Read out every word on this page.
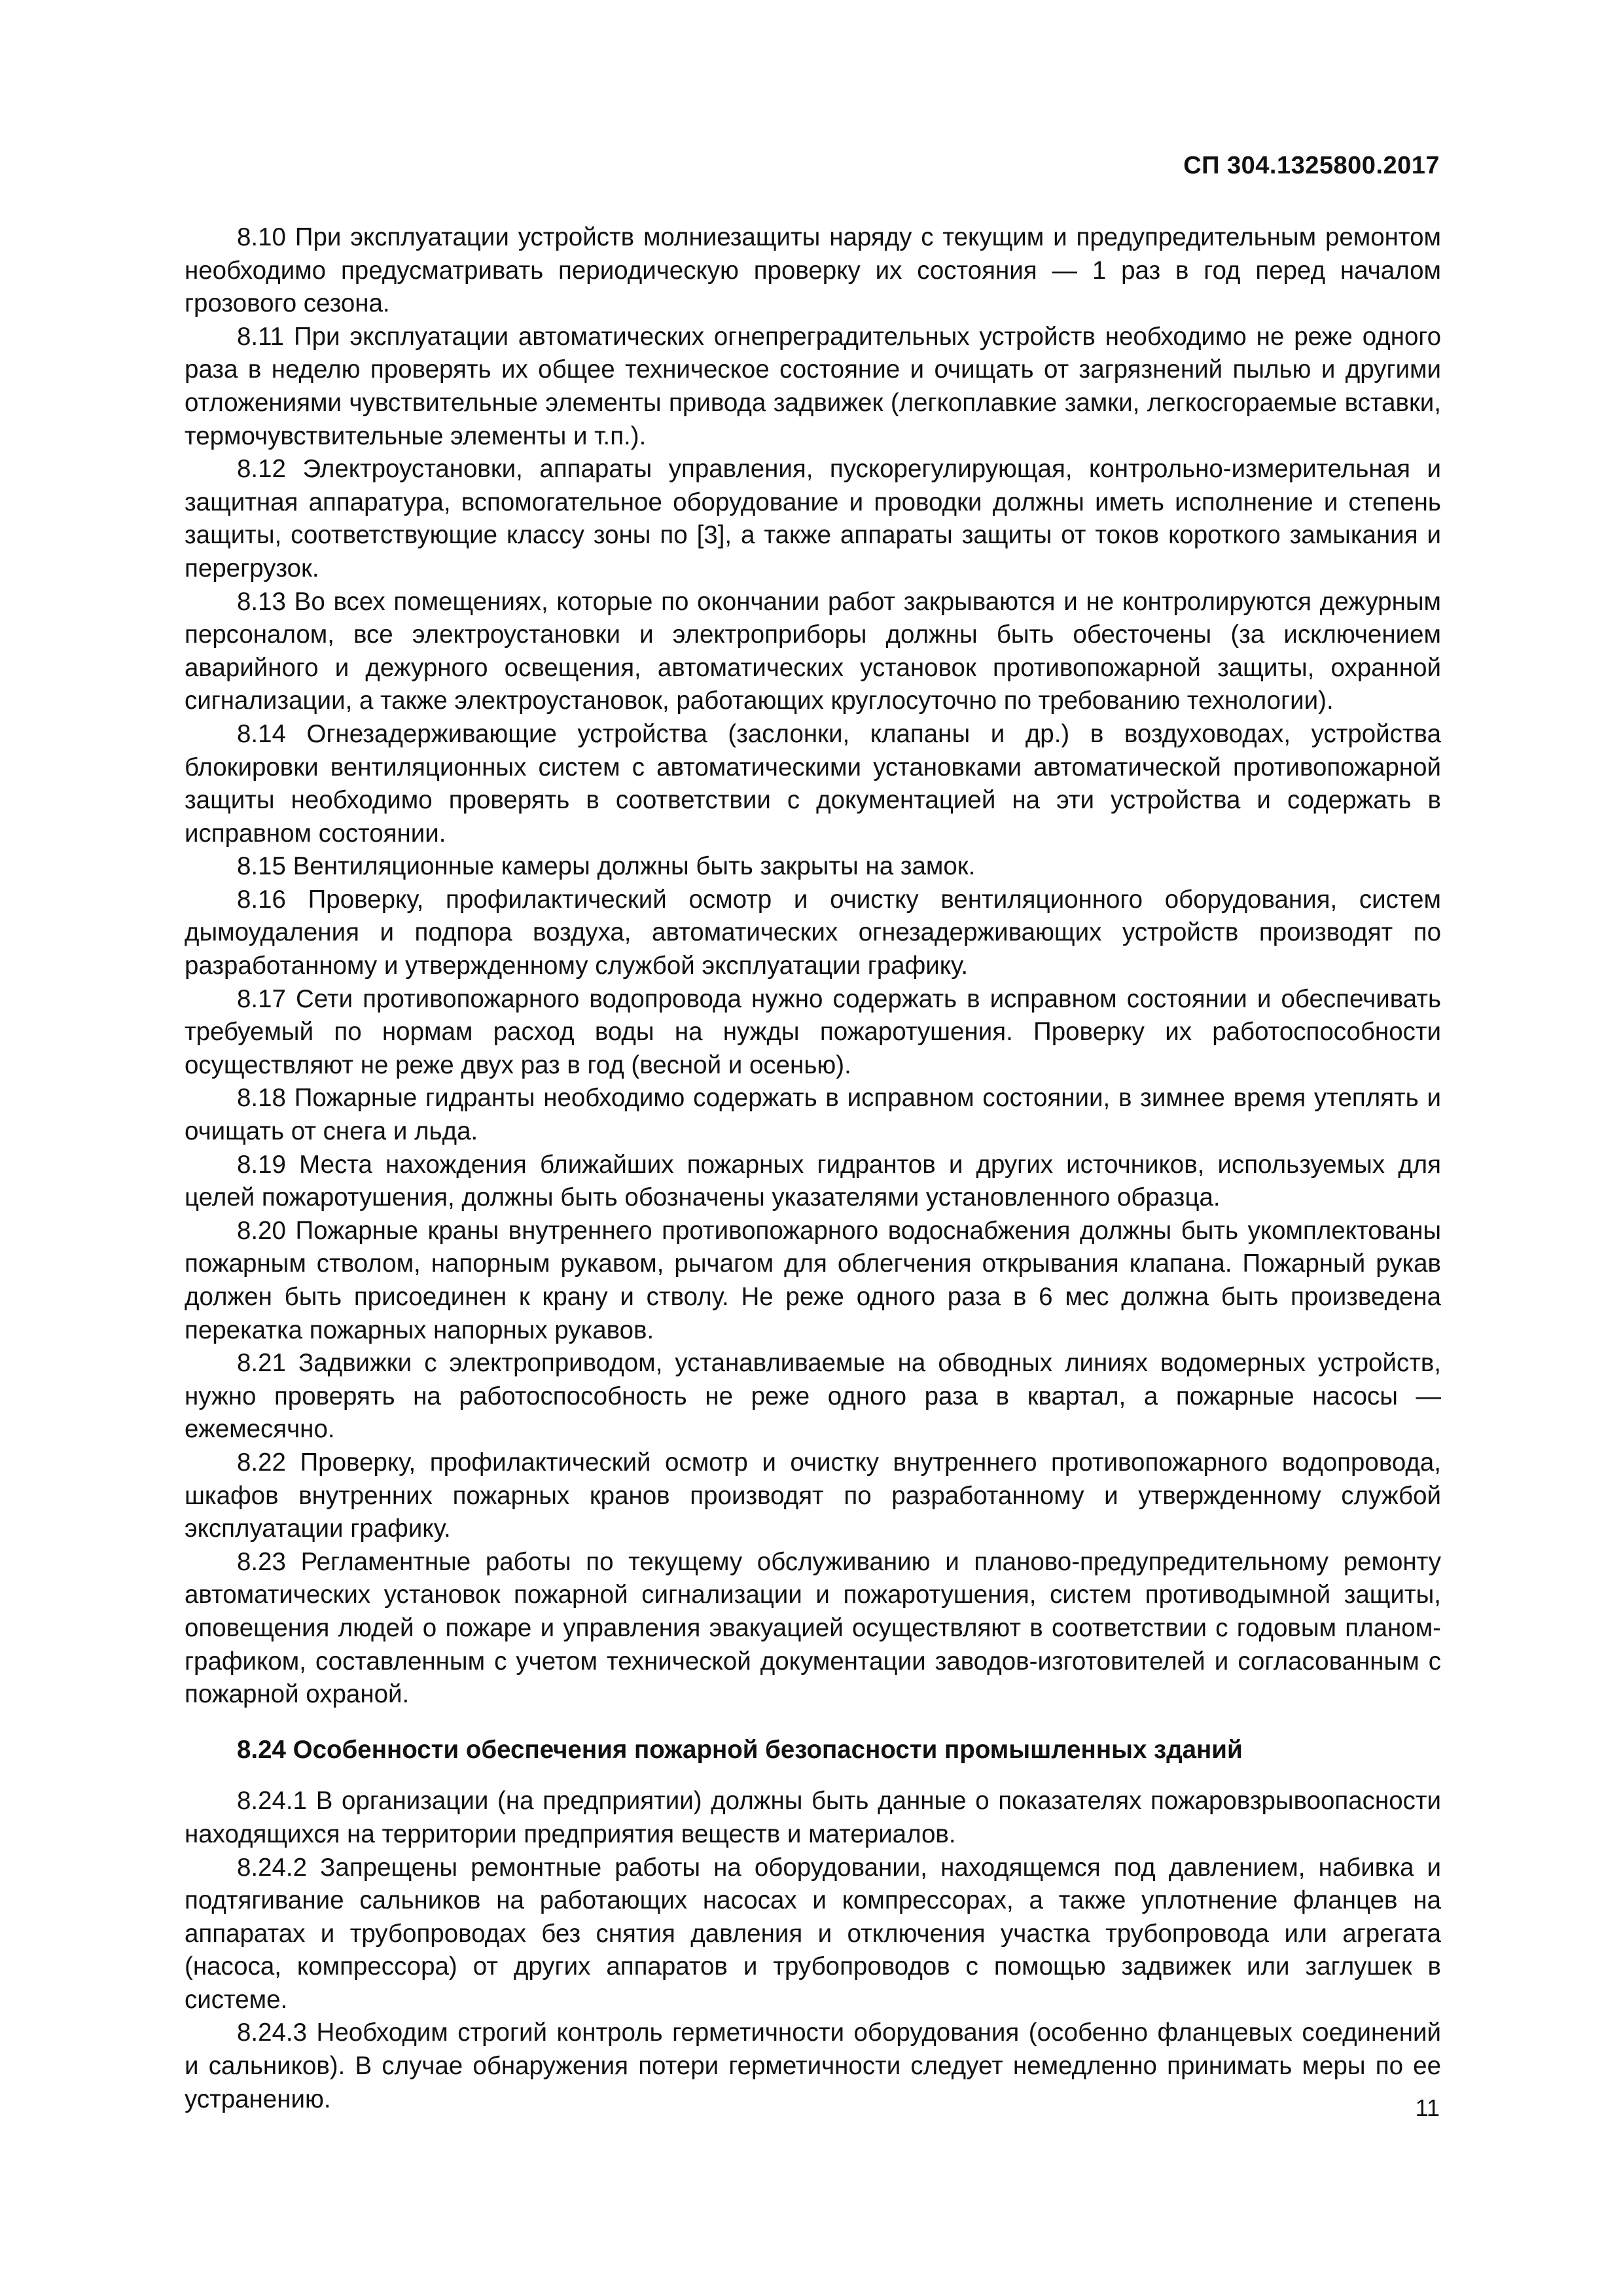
СП 304.1325800.2017

8.10 При эксплуатации устройств молниезащиты наряду с текущим и предупредительным ремонтом необходимо предусматривать периодическую проверку их состояния — 1 раз в год перед началом грозового сезона.

8.11 При эксплуатации автоматических огнепреградительных устройств необходимо не реже одного раза в неделю проверять их общее техническое состояние и очищать от загрязнений пылью и другими отложениями чувствительные элементы привода задвижек (легкоплавкие замки, легкосгораемые вставки, термочувствительные элементы и т.п.).

8.12 Электроустановки, аппараты управления, пускорегулирующая, контрольно-измерительная и защитная аппаратура, вспомогательное оборудование и проводки должны иметь исполнение и степень защиты, соответствующие классу зоны по [3], а также аппараты защиты от токов короткого замыкания и перегрузок.

8.13 Во всех помещениях, которые по окончании работ закрываются и не контролируются дежурным персоналом, все электроустановки и электроприборы должны быть обесточены (за исключением аварийного и дежурного освещения, автоматических установок противопожарной защиты, охранной сигнализации, а также электроустановок, работающих круглосуточно по требованию технологии).

8.14 Огнезадерживающие устройства (заслонки, клапаны и др.) в воздуховодах, устройства блокировки вентиляционных систем с автоматическими установками автоматической противопожарной защиты необходимо проверять в соответствии с документацией на эти устройства и содержать в исправном состоянии.

8.15 Вентиляционные камеры должны быть закрыты на замок.

8.16 Проверку, профилактический осмотр и очистку вентиляционного оборудования, систем дымоудаления и подпора воздуха, автоматических огнезадерживающих устройств производят по разработанному и утвержденному службой эксплуатации графику.

8.17 Сети противопожарного водопровода нужно содержать в исправном состоянии и обеспечивать требуемый по нормам расход воды на нужды пожаротушения. Проверку их работоспособности осуществляют не реже двух раз в год (весной и осенью).

8.18 Пожарные гидранты необходимо содержать в исправном состоянии, в зимнее время утеплять и очищать от снега и льда.

8.19 Места нахождения ближайших пожарных гидрантов и других источников, используемых для целей пожаротушения, должны быть обозначены указателями установленного образца.

8.20 Пожарные краны внутреннего противопожарного водоснабжения должны быть укомплектованы пожарным стволом, напорным рукавом, рычагом для облегчения открывания клапана. Пожарный рукав должен быть присоединен к крану и стволу. Не реже одного раза в 6 мес должна быть произведена перекатка пожарных напорных рукавов.

8.21 Задвижки с электроприводом, устанавливаемые на обводных линиях водомерных устройств, нужно проверять на работоспособность не реже одного раза в квартал, а пожарные насосы — ежемесячно.

8.22 Проверку, профилактический осмотр и очистку внутреннего противопожарного водопровода, шкафов внутренних пожарных кранов производят по разработанному и утвержденному службой эксплуатации графику.

8.23 Регламентные работы по текущему обслуживанию и планово-предупредительному ремонту автоматических установок пожарной сигнализации и пожаротушения, систем противодымной защиты, оповещения людей о пожаре и управления эвакуацией осуществляют в соответствии с годовым планом-графиком, составленным с учетом технической документации заводов-изготовителей и согласованным с пожарной охраной.

8.24 Особенности обеспечения пожарной безопасности промышленных зданий

8.24.1 В организации (на предприятии) должны быть данные о показателях пожаровзрывоопасности находящихся на территории предприятия веществ и материалов.

8.24.2 Запрещены ремонтные работы на оборудовании, находящемся под давлением, набивка и подтягивание сальников на работающих насосах и компрессорах, а также уплотнение фланцев на аппаратах и трубопроводах без снятия давления и отключения участка трубопровода или агрегата (насоса, компрессора) от других аппаратов и трубопроводов с помощью задвижек или заглушек в системе.

8.24.3 Необходим строгий контроль герметичности оборудования (особенно фланцевых соединений и сальников). В случае обнаружения потери герметичности следует немедленно принимать меры по ее устранению.	11
